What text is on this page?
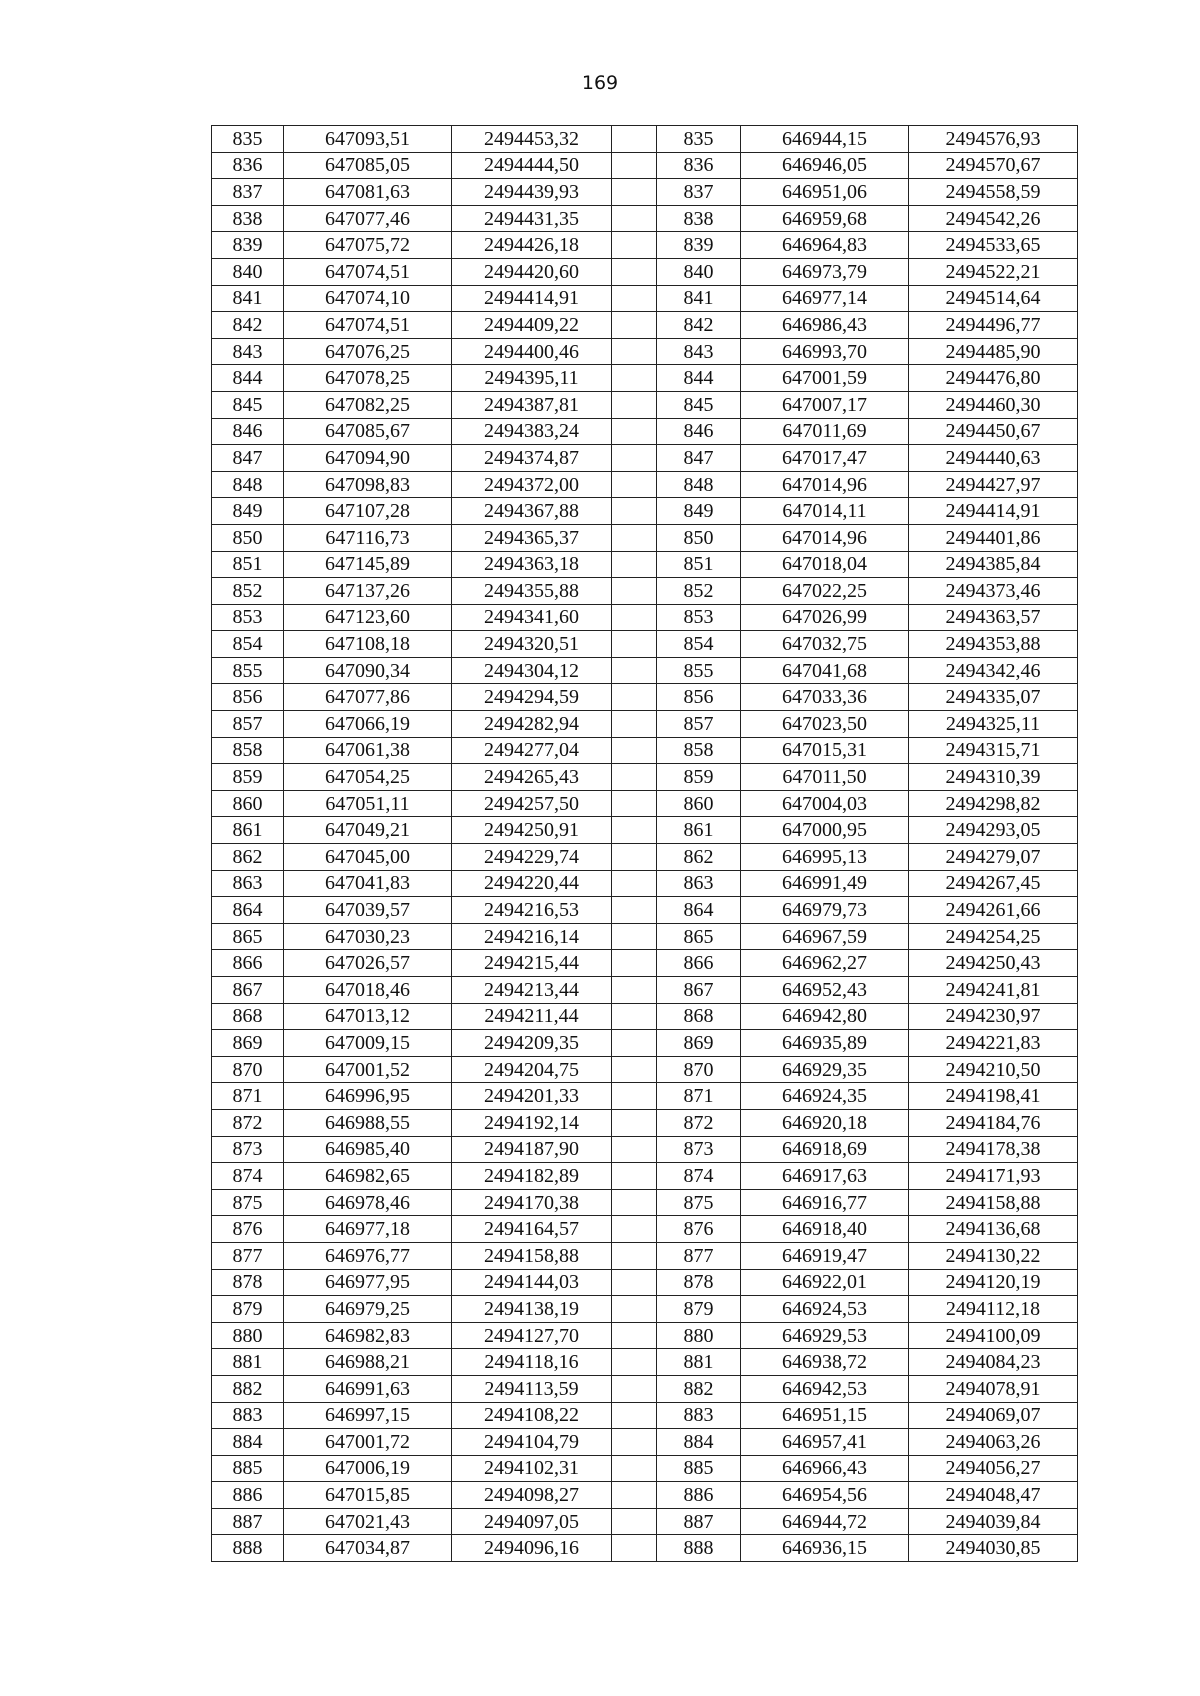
169
835	647093,51	2494453,32		835	646944,15	2494576,93
836	647085,05	2494444,50		836	646946,05	2494570,67
837	647081,63	2494439,93		837	646951,06	2494558,59
838	647077,46	2494431,35		838	646959,68	2494542,26
839	647075,72	2494426,18		839	646964,83	2494533,65
840	647074,51	2494420,60		840	646973,79	2494522,21
841	647074,10	2494414,91		841	646977,14	2494514,64
842	647074,51	2494409,22		842	646986,43	2494496,77
843	647076,25	2494400,46		843	646993,70	2494485,90
844	647078,25	2494395,11		844	647001,59	2494476,80
845	647082,25	2494387,81		845	647007,17	2494460,30
846	647085,67	2494383,24		846	647011,69	2494450,67
847	647094,90	2494374,87		847	647017,47	2494440,63
848	647098,83	2494372,00		848	647014,96	2494427,97
849	647107,28	2494367,88		849	647014,11	2494414,91
850	647116,73	2494365,37		850	647014,96	2494401,86
851	647145,89	2494363,18		851	647018,04	2494385,84
852	647137,26	2494355,88		852	647022,25	2494373,46
853	647123,60	2494341,60		853	647026,99	2494363,57
854	647108,18	2494320,51		854	647032,75	2494353,88
855	647090,34	2494304,12		855	647041,68	2494342,46
856	647077,86	2494294,59		856	647033,36	2494335,07
857	647066,19	2494282,94		857	647023,50	2494325,11
858	647061,38	2494277,04		858	647015,31	2494315,71
859	647054,25	2494265,43		859	647011,50	2494310,39
860	647051,11	2494257,50		860	647004,03	2494298,82
861	647049,21	2494250,91		861	647000,95	2494293,05
862	647045,00	2494229,74		862	646995,13	2494279,07
863	647041,83	2494220,44		863	646991,49	2494267,45
864	647039,57	2494216,53		864	646979,73	2494261,66
865	647030,23	2494216,14		865	646967,59	2494254,25
866	647026,57	2494215,44		866	646962,27	2494250,43
867	647018,46	2494213,44		867	646952,43	2494241,81
868	647013,12	2494211,44		868	646942,80	2494230,97
869	647009,15	2494209,35		869	646935,89	2494221,83
870	647001,52	2494204,75		870	646929,35	2494210,50
871	646996,95	2494201,33		871	646924,35	2494198,41
872	646988,55	2494192,14		872	646920,18	2494184,76
873	646985,40	2494187,90		873	646918,69	2494178,38
874	646982,65	2494182,89		874	646917,63	2494171,93
875	646978,46	2494170,38		875	646916,77	2494158,88
876	646977,18	2494164,57		876	646918,40	2494136,68
877	646976,77	2494158,88		877	646919,47	2494130,22
878	646977,95	2494144,03		878	646922,01	2494120,19
879	646979,25	2494138,19		879	646924,53	2494112,18
880	646982,83	2494127,70		880	646929,53	2494100,09
881	646988,21	2494118,16		881	646938,72	2494084,23
882	646991,63	2494113,59		882	646942,53	2494078,91
883	646997,15	2494108,22		883	646951,15	2494069,07
884	647001,72	2494104,79		884	646957,41	2494063,26
885	647006,19	2494102,31		885	646966,43	2494056,27
886	647015,85	2494098,27		886	646954,56	2494048,47
887	647021,43	2494097,05		887	646944,72	2494039,84
888	647034,87	2494096,16		888	646936,15	2494030,85
